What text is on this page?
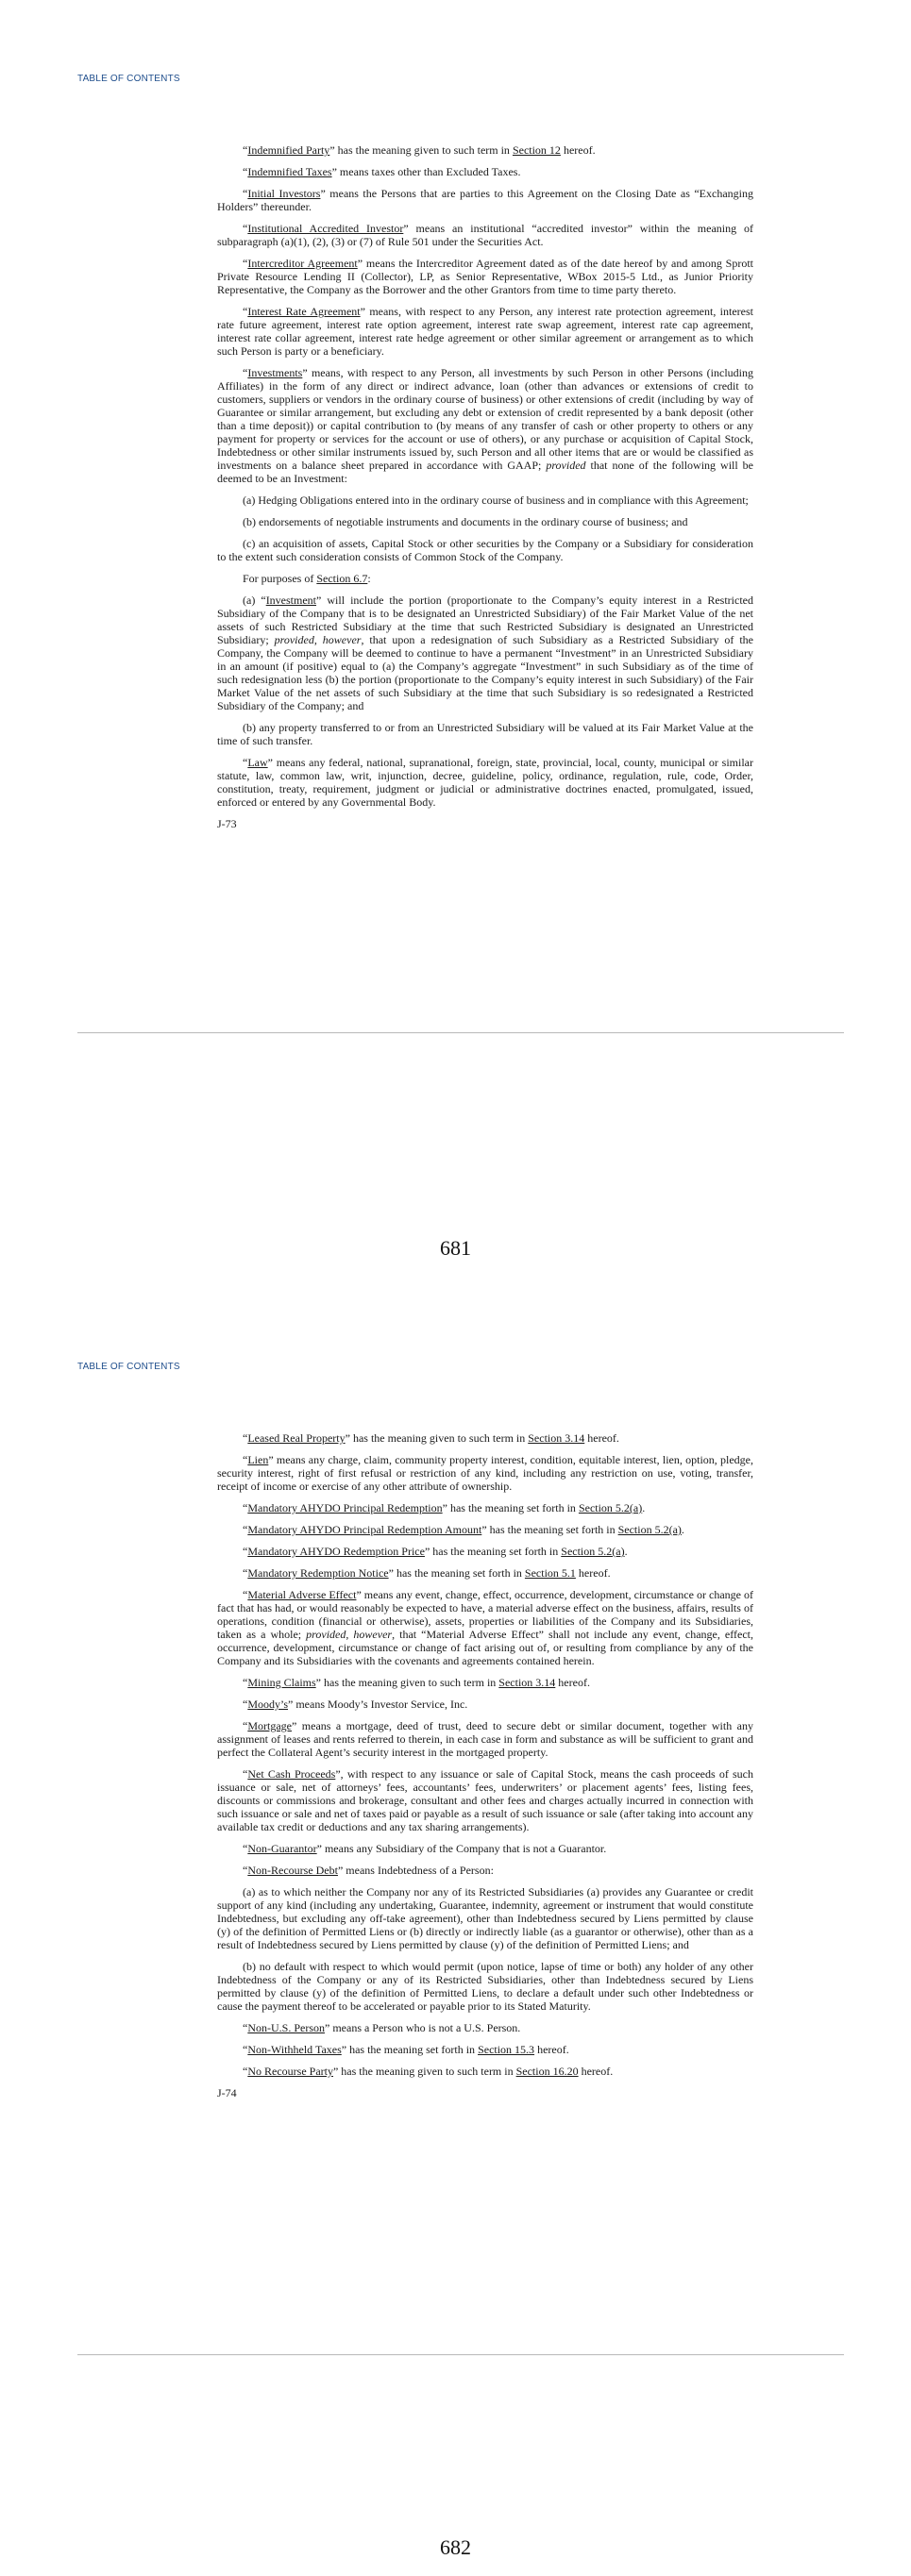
TABLE OF CONTENTS

“Indemnified Party” has the meaning given to such term in Section 12 hereof.

“Indemnified Taxes” means taxes other than Excluded Taxes.

“Initial Investors” means the Persons that are parties to this Agreement on the Closing Date as “Exchanging Holders” thereunder.

“Institutional Accredited Investor” means an institutional “accredited investor” within the meaning of subparagraph (a)(1), (2), (3) or (7) of Rule 501 under the Securities Act.

“Intercreditor Agreement” means the Intercreditor Agreement dated as of the date hereof by and among Sprott Private Resource Lending II (Collector), LP, as Senior Representative, WBox 2015-5 Ltd., as Junior Priority Representative, the Company as the Borrower and the other Grantors from time to time party thereto.

“Interest Rate Agreement” means, with respect to any Person, any interest rate protection agreement, interest rate future agreement, interest rate option agreement, interest rate swap agreement, interest rate cap agreement, interest rate collar agreement, interest rate hedge agreement or other similar agreement or arrangement as to which such Person is party or a beneficiary.

“Investments” means, with respect to any Person, all investments by such Person in other Persons (including Affiliates) in the form of any direct or indirect advance, loan (other than advances or extensions of credit to customers, suppliers or vendors in the ordinary course of business) or other extensions of credit (including by way of Guarantee or similar arrangement, but excluding any debt or extension of credit represented by a bank deposit (other than a time deposit)) or capital contribution to (by means of any transfer of cash or other property to others or any payment for property or services for the account or use of others), or any purchase or acquisition of Capital Stock, Indebtedness or other similar instruments issued by, such Person and all other items that are or would be classified as investments on a balance sheet prepared in accordance with GAAP; provided that none of the following will be deemed to be an Investment:

(a) Hedging Obligations entered into in the ordinary course of business and in compliance with this Agreement;

(b) endorsements of negotiable instruments and documents in the ordinary course of business; and

(c) an acquisition of assets, Capital Stock or other securities by the Company or a Subsidiary for consideration to the extent such consideration consists of Common Stock of the Company.

For purposes of Section 6.7:

(a) “Investment” will include the portion (proportionate to the Company’s equity interest in a Restricted Subsidiary of the Company that is to be designated an Unrestricted Subsidiary) of the Fair Market Value of the net assets of such Restricted Subsidiary at the time that such Restricted Subsidiary is designated an Unrestricted Subsidiary; provided, however, that upon a redesignation of such Subsidiary as a Restricted Subsidiary of the Company, the Company will be deemed to continue to have a permanent “Investment” in an Unrestricted Subsidiary in an amount (if positive) equal to (a) the Company’s aggregate “Investment” in such Subsidiary as of the time of such redesignation less (b) the portion (proportionate to the Company’s equity interest in such Subsidiary) of the Fair Market Value of the net assets of such Subsidiary at the time that such Subsidiary is so redesignated a Restricted Subsidiary of the Company; and

(b) any property transferred to or from an Unrestricted Subsidiary will be valued at its Fair Market Value at the time of such transfer.

“Law” means any federal, national, supranational, foreign, state, provincial, local, county, municipal or similar statute, law, common law, writ, injunction, decree, guideline, policy, ordinance, regulation, rule, code, Order, constitution, treaty, requirement, judgment or judicial or administrative doctrines enacted, promulgated, issued, enforced or entered by any Governmental Body.

J-73

681
TABLE OF CONTENTS

“Leased Real Property” has the meaning given to such term in Section 3.14 hereof.

“Lien” means any charge, claim, community property interest, condition, equitable interest, lien, option, pledge, security interest, right of first refusal or restriction of any kind, including any restriction on use, voting, transfer, receipt of income or exercise of any other attribute of ownership.

“Mandatory AHYDO Principal Redemption” has the meaning set forth in Section 5.2(a).

“Mandatory AHYDO Principal Redemption Amount” has the meaning set forth in Section 5.2(a).

“Mandatory AHYDO Redemption Price” has the meaning set forth in Section 5.2(a).

“Mandatory Redemption Notice” has the meaning set forth in Section 5.1 hereof.

“Material Adverse Effect” means any event, change, effect, occurrence, development, circumstance or change of fact that has had, or would reasonably be expected to have, a material adverse effect on the business, affairs, results of operations, condition (financial or otherwise), assets, properties or liabilities of the Company and its Subsidiaries, taken as a whole; provided, however, that “Material Adverse Effect” shall not include any event, change, effect, occurrence, development, circumstance or change of fact arising out of, or resulting from compliance by any of the Company and its Subsidiaries with the covenants and agreements contained herein.

“Mining Claims” has the meaning given to such term in Section 3.14 hereof.

“Moody’s” means Moody’s Investor Service, Inc.

“Mortgage” means a mortgage, deed of trust, deed to secure debt or similar document, together with any assignment of leases and rents referred to therein, in each case in form and substance as will be sufficient to grant and perfect the Collateral Agent’s security interest in the mortgaged property.

“Net Cash Proceeds”, with respect to any issuance or sale of Capital Stock, means the cash proceeds of such issuance or sale, net of attorneys’ fees, accountants’ fees, underwriters’ or placement agents’ fees, listing fees, discounts or commissions and brokerage, consultant and other fees and charges actually incurred in connection with such issuance or sale and net of taxes paid or payable as a result of such issuance or sale (after taking into account any available tax credit or deductions and any tax sharing arrangements).

“Non-Guarantor” means any Subsidiary of the Company that is not a Guarantor.

“Non-Recourse Debt” means Indebtedness of a Person:

(a) as to which neither the Company nor any of its Restricted Subsidiaries (a) provides any Guarantee or credit support of any kind (including any undertaking, Guarantee, indemnity, agreement or instrument that would constitute Indebtedness, but excluding any off-take agreement), other than Indebtedness secured by Liens permitted by clause (y) of the definition of Permitted Liens or (b) directly or indirectly liable (as a guarantor or otherwise), other than as a result of Indebtedness secured by Liens permitted by clause (y) of the definition of Permitted Liens; and

(b) no default with respect to which would permit (upon notice, lapse of time or both) any holder of any other Indebtedness of the Company or any of its Restricted Subsidiaries, other than Indebtedness secured by Liens permitted by clause (y) of the definition of Permitted Liens, to declare a default under such other Indebtedness or cause the payment thereof to be accelerated or payable prior to its Stated Maturity.

“Non-U.S. Person” means a Person who is not a U.S. Person.

“Non-Withheld Taxes” has the meaning set forth in Section 15.3 hereof.

“No Recourse Party” has the meaning given to such term in Section 16.20 hereof.

J-74

682
